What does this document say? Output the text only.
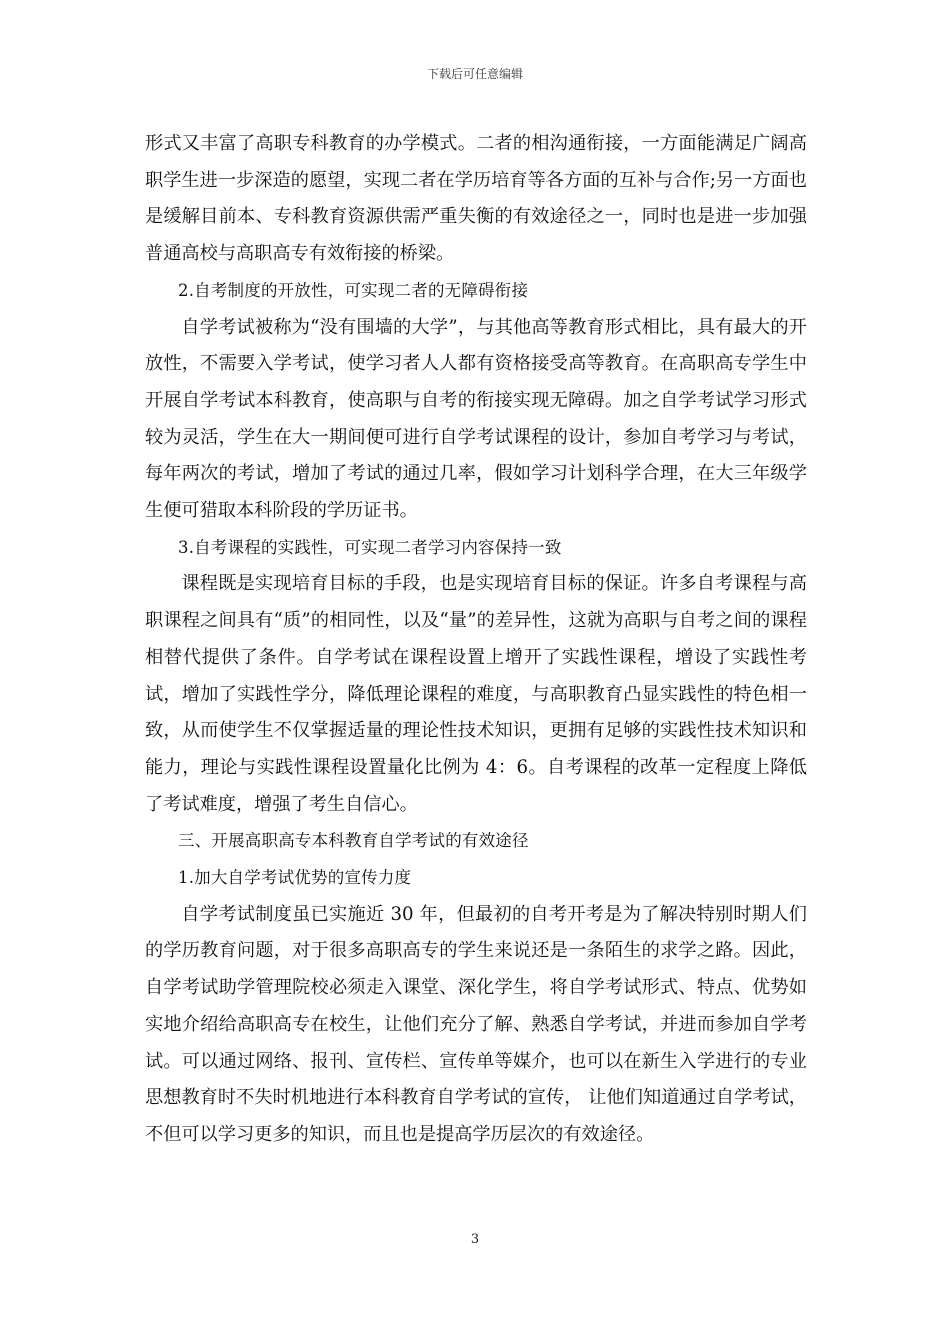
下载后可任意编辑

形式又丰富了高职专科教育的办学模式。二者的相沟通衔接，一方面能满足广阔高职学生进一步深造的愿望，实现二者在学历培育等各方面的互补与合作;另一方面也是缓解目前本、专科教育资源供需严重失衡的有效途径之一，同时也是进一步加强普通高校与高职高专有效衔接的桥梁。

2.自考制度的开放性，可实现二者的无障碍衔接

自学考试被称为“没有围墙的大学”，与其他高等教育形式相比，具有最大的开放性，不需要入学考试，使学习者人人都有资格接受高等教育。在高职高专学生中开展自学考试本科教育，使高职与自考的衔接实现无障碍。加之自学考试学习形式较为灵活，学生在大一期间便可进行自学考试课程的设计，参加自考学习与考试，每年两次的考试，增加了考试的通过几率，假如学习计划科学合理，在大三年级学生便可猎取本科阶段的学历证书。

3.自考课程的实践性，可实现二者学习内容保持一致

课程既是实现培育目标的手段，也是实现培育目标的保证。许多自考课程与高职课程之间具有“质”的相同性，以及“量”的差异性，这就为高职与自考之间的课程相替代提供了条件。自学考试在课程设置上增开了实践性课程，增设了实践性考试，增加了实践性学分，降低理论课程的难度，与高职教育凸显实践性的特色相一致，从而使学生不仅掌握适量的理论性技术知识，更拥有足够的实践性技术知识和能力，理论与实践性课程设置量化比例为 4：6。自考课程的改革一定程度上降低了考试难度，增强了考生自信心。

三、开展高职高专本科教育自学考试的有效途径

1.加大自学考试优势的宣传力度

自学考试制度虽已实施近 30 年，但最初的自考开考是为了解决特别时期人们的学历教育问题，对于很多高职高专的学生来说还是一条陌生的求学之路。因此，自学考试助学管理院校必须走入课堂、深化学生，将自学考试形式、特点、优势如实地介绍给高职高专在校生，让他们充分了解、熟悉自学考试，并进而参加自学考试。可以通过网络、报刊、宣传栏、宣传单等媒介，也可以在新生入学进行的专业思想教育时不失时机地进行本科教育自学考试的宣传， 让他们知道通过自学考试，不但可以学习更多的知识，而且也是提高学历层次的有效途径。

3
